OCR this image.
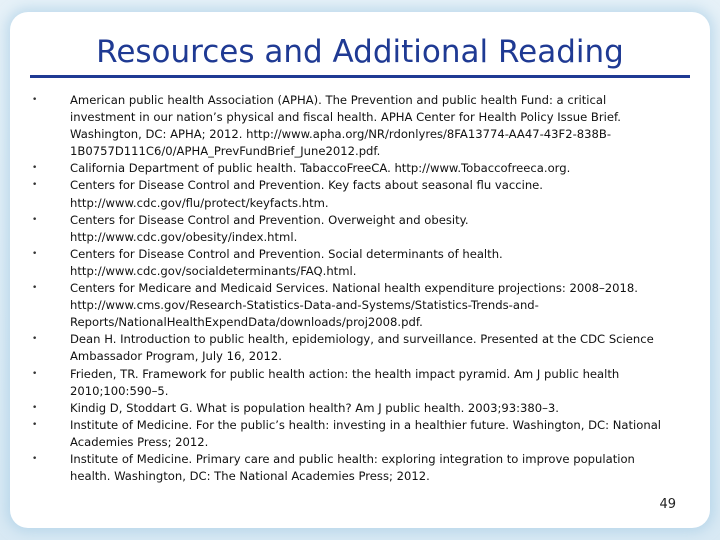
Resources and Additional Reading
•	American public health Association (APHA). The Prevention and public health Fund: a critical investment in our nation’s physical and fiscal health. APHA Center for Health Policy Issue Brief. Washington, DC: APHA; 2012. http://www.apha.org/NR/rdonlyres/8FA13774-AA47-43F2-838B-1B0757D111C6/0/APHA_PrevFundBrief_June2012.pdf.
•	California Department of public health. TabaccoFreeCA. http://www.Tobaccofreeca.org.
•	Centers for Disease Control and Prevention. Key facts about seasonal flu vaccine. http://www.cdc.gov/flu/protect/keyfacts.htm.
•	Centers for Disease Control and Prevention. Overweight and obesity. http://www.cdc.gov/obesity/index.html.
•	Centers for Disease Control and Prevention. Social determinants of health. http://www.cdc.gov/socialdeterminants/FAQ.html.
•	Centers for Medicare and Medicaid Services. National health expenditure projections: 2008–2018. http://www.cms.gov/Research-Statistics-Data-and-Systems/Statistics-Trends-and-Reports/NationalHealthExpendData/downloads/proj2008.pdf.
•	Dean H. Introduction to public health, epidemiology, and surveillance. Presented at the CDC Science Ambassador Program, July 16, 2012.
•	Frieden, TR. Framework for public health action: the health impact pyramid. Am J public health 2010;100:590–5.
•	Kindig D, Stoddart G. What is population health? Am J public health. 2003;93:380–3.
•	Institute of Medicine. For the public’s health: investing in a healthier future. Washington, DC: National Academies Press; 2012.
•	Institute of Medicine. Primary care and public health: exploring integration to improve population health. Washington, DC: The National Academies Press; 2012.
49
